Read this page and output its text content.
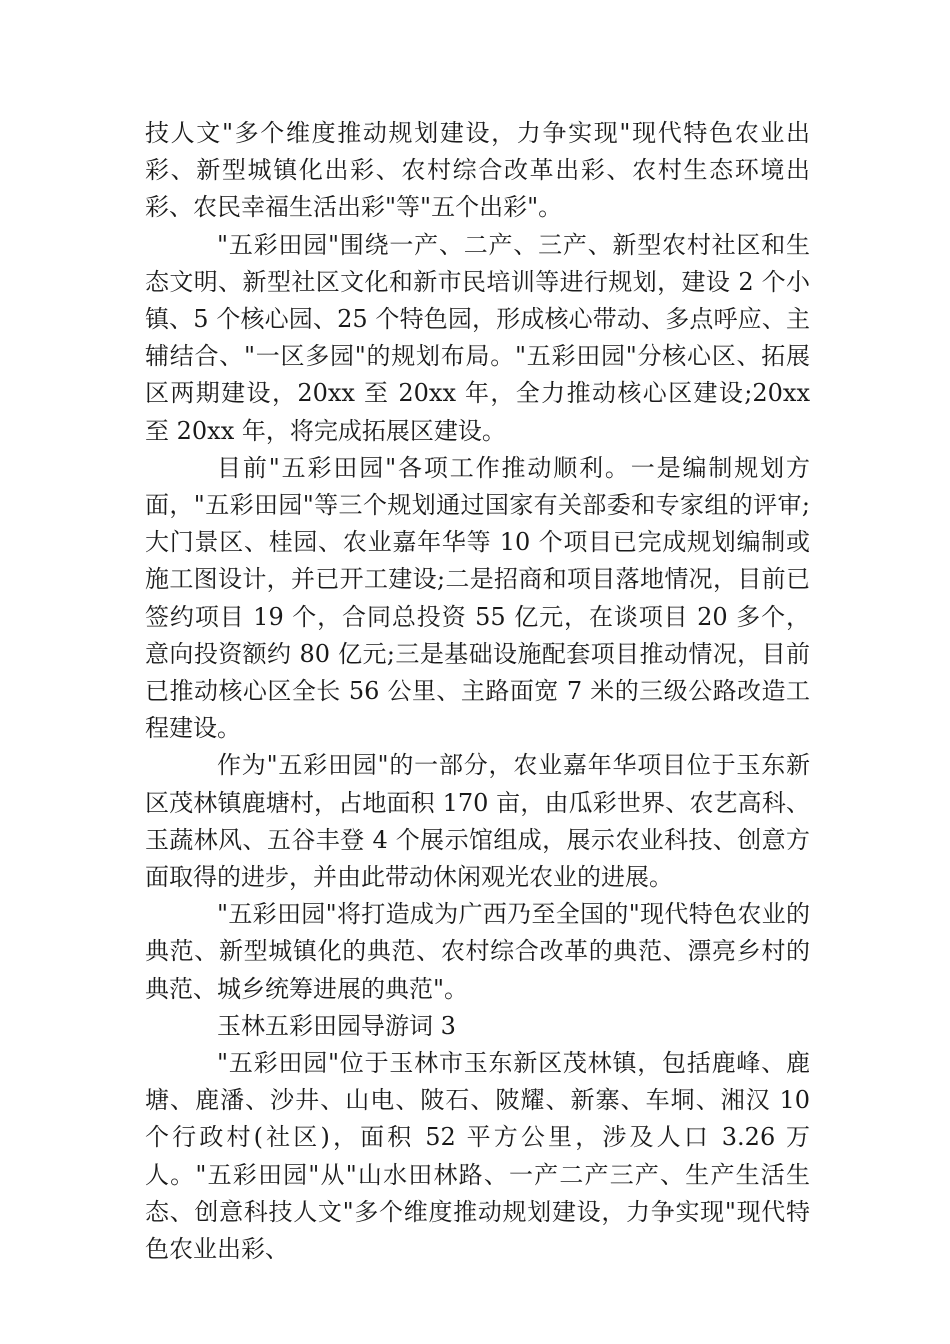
技人文"多个维度推动规划建设，力争实现"现代特色农业出彩、新型城镇化出彩、农村综合改革出彩、农村生态环境出彩、农民幸福生活出彩"等"五个出彩"。

"五彩田园"围绕一产、二产、三产、新型农村社区和生态文明、新型社区文化和新市民培训等进行规划，建设 2 个小镇、5 个核心园、25 个特色园，形成核心带动、多点呼应、主辅结合、"一区多园"的规划布局。"五彩田园"分核心区、拓展区两期建设，20xx 至 20xx 年，全力推动核心区建设;20xx 至 20xx 年，将完成拓展区建设。

目前"五彩田园"各项工作推动顺利。一是编制规划方面，"五彩田园"等三个规划通过国家有关部委和专家组的评审;大门景区、桂园、农业嘉年华等 10 个项目已完成规划编制或施工图设计，并已开工建设;二是招商和项目落地情况，目前已签约项目 19 个，合同总投资 55 亿元，在谈项目 20 多个，意向投资额约 80 亿元;三是基础设施配套项目推动情况，目前已推动核心区全长 56 公里、主路面宽 7 米的三级公路改造工程建设。

作为"五彩田园"的一部分，农业嘉年华项目位于玉东新区茂林镇鹿塘村，占地面积 170 亩，由瓜彩世界、农艺高科、玉蔬林风、五谷丰登 4 个展示馆组成，展示农业科技、创意方面取得的进步，并由此带动休闲观光农业的进展。

"五彩田园"将打造成为广西乃至全国的"现代特色农业的典范、新型城镇化的典范、农村综合改革的典范、漂亮乡村的典范、城乡统筹进展的典范"。

玉林五彩田园导游词 3

"五彩田园"位于玉林市玉东新区茂林镇，包括鹿峰、鹿塘、鹿潘、沙井、山电、陂石、陂耀、新寨、车垌、湘汉 10 个行政村(社区)，面积 52 平方公里，涉及人口 3.26 万人。"五彩田园"从"山水田林路、一产二产三产、生产生活生态、创意科技人文"多个维度推动规划建设，力争实现"现代特色农业出彩、
